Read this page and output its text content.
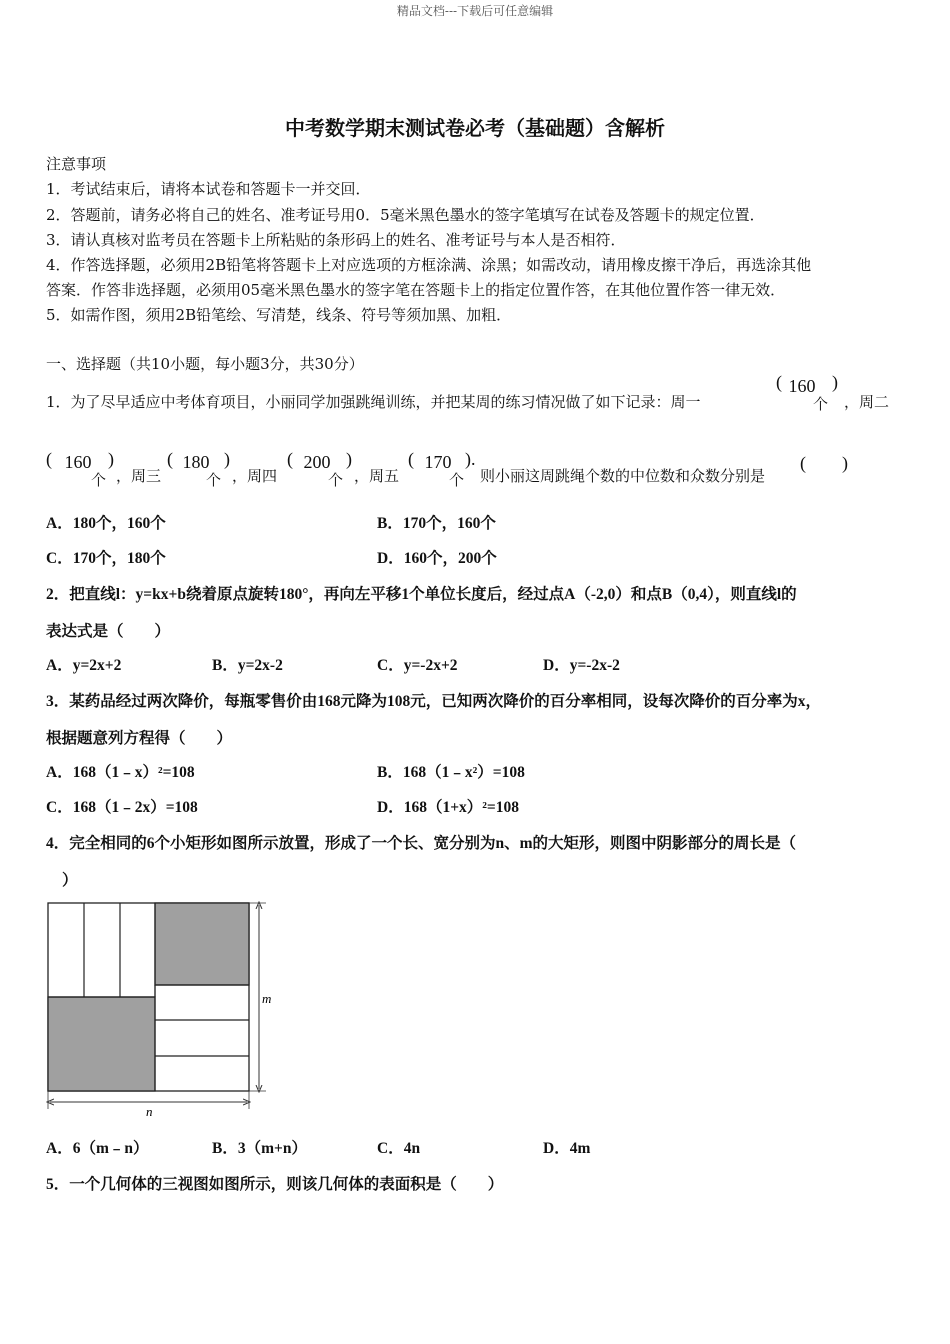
精品文档---下载后可任意编辑
中考数学期末测试卷必考（基础题）含解析
注意事项
1．考试结束后，请将本试卷和答题卡一并交回．
2．答题前，请务必将自己的姓名、准考证号用0．5毫米黑色墨水的签字笔填写在试卷及答题卡的规定位置．
3．请认真核对监考员在答题卡上所粘贴的条形码上的姓名、准考证号与本人是否相符．
4．作答选择题，必须用2B铅笔将答题卡上对应选项的方框涂满、涂黑；如需改动，请用橡皮擦干净后，再选涂其他
答案．作答非选择题，必须用05毫米黑色墨水的签字笔在答题卡上的指定位置作答，在其他位置作答一律无效．
5．如需作图，须用2B铅笔绘、写清楚，线条、符号等须加黑、加粗．
一、选择题（共10小题，每小题3分，共30分）
1．为了尽早适应中考体育项目，小丽同学加强跳绳训练，并把某周的练习情况做了如下记录：周一
160
个
(	)
，周二
( 160
个
)
，周三
( 180
个
)
，周四
( 200
个
)
，周五
( 170
个
).
则小丽这周跳绳个数的中位数和众数分别是
(　　)
A．180个，160个	B．170个，160个
C．170个，180个	D．160个，200个
2．把直线l：y=kx+b绕着原点旋转180°，再向左平移1个单位长度后，经过点A（-2,0）和点B（0,4），则直线l的
表达式是（　　）
A．y=2x+2	B．y=2x-2	C．y=-2x+2	D．y=-2x-2
3．某药品经过两次降价，每瓶零售价由168元降为108元，已知两次降价的百分率相同，设每次降价的百分率为x，
根据题意列方程得（　　）
A．168（1﹣x）²=108	B．168（1﹣x²）=108
C．168（1﹣2x）=108	D．168（1+x）²=108
4．完全相同的6个小矩形如图所示放置，形成了一个长、宽分别为n、m的大矩形，则图中阴影部分的周长是（
）
m
n
A．6（m﹣n）	B．3（m+n）	C．4n	D．4m
5．一个几何体的三视图如图所示，则该几何体的表面积是（　　）
